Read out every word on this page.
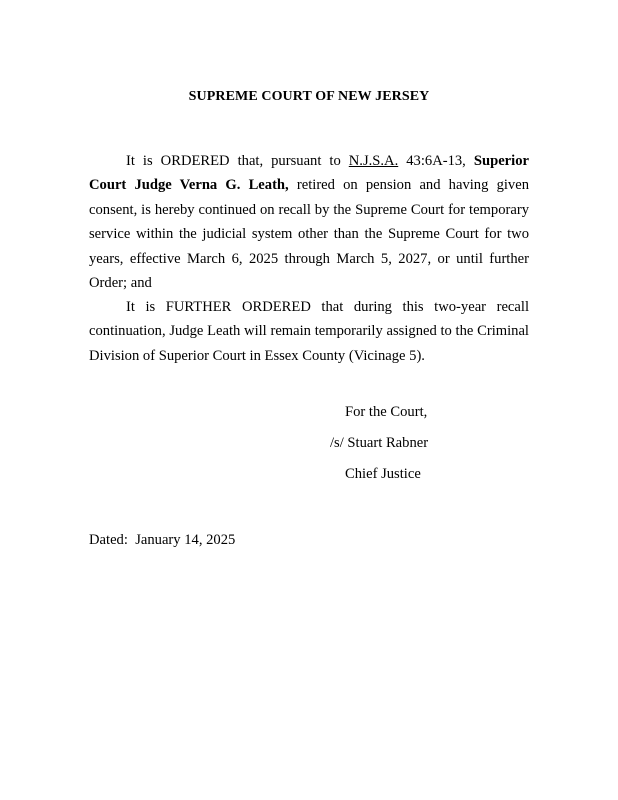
SUPREME COURT OF NEW JERSEY

It is ORDERED that, pursuant to N.J.S.A. 43:6A-13, Superior Court Judge Verna G. Leath, retired on pension and having given consent, is hereby continued on recall by the Supreme Court for temporary service within the judicial system other than the Supreme Court for two years, effective March 6, 2025 through March 5, 2027, or until further Order; and

It is FURTHER ORDERED that during this two-year recall continuation, Judge Leath will remain temporarily assigned to the Criminal Division of Superior Court in Essex County (Vicinage 5).

For the Court,

/s/ Stuart Rabner

Chief Justice

Dated:  January 14, 2025
